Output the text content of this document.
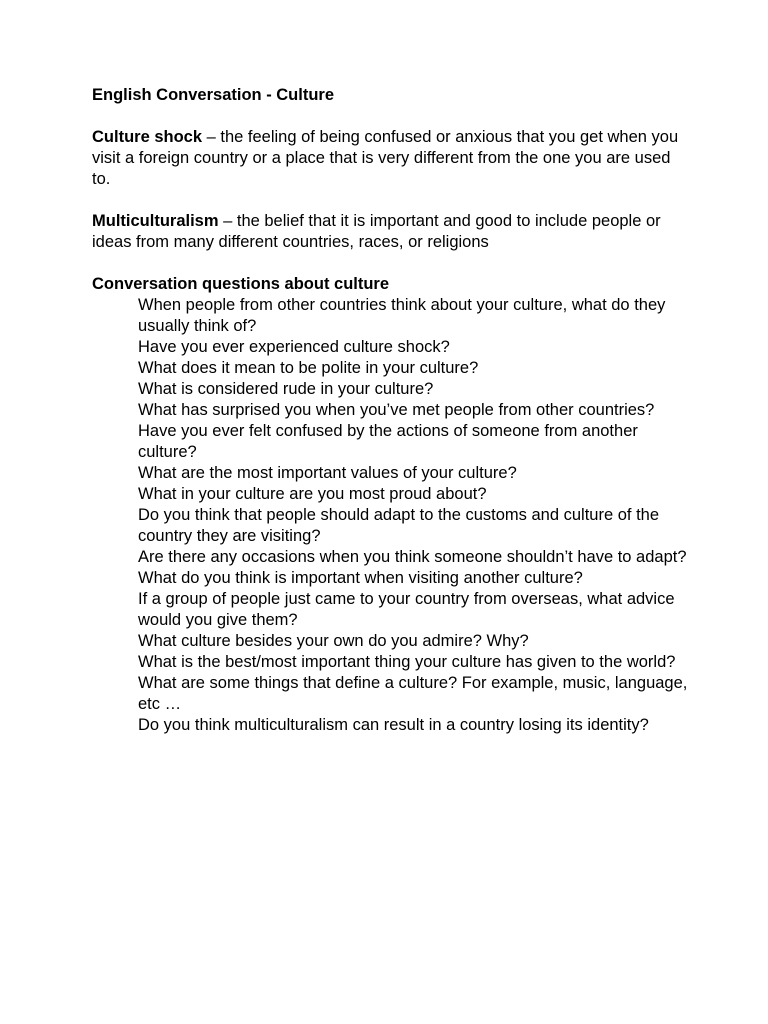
English Conversation - Culture

Culture shock – the feeling of being confused or anxious that you get when you visit a foreign country or a place that is very different from the one you are used to.

Multiculturalism – the belief that it is important and good to include people or ideas from many different countries, races, or religions

Conversation questions about culture
When people from other countries think about your culture, what do they usually think of?
Have you ever experienced culture shock?
What does it mean to be polite in your culture?
What is considered rude in your culture?
What has surprised you when you’ve met people from other countries?
Have you ever felt confused by the actions of someone from another culture?
What are the most important values of your culture?
What in your culture are you most proud about?
Do you think that people should adapt to the customs and culture of the country they are visiting?
Are there any occasions when you think someone shouldn’t have to adapt?
What do you think is important when visiting another culture?
If a group of people just came to your country from overseas, what advice would you give them?
What culture besides your own do you admire? Why?
What is the best/most important thing your culture has given to the world?
What are some things that define a culture? For example, music, language, etc …
Do you think multiculturalism can result in a country losing its identity?
